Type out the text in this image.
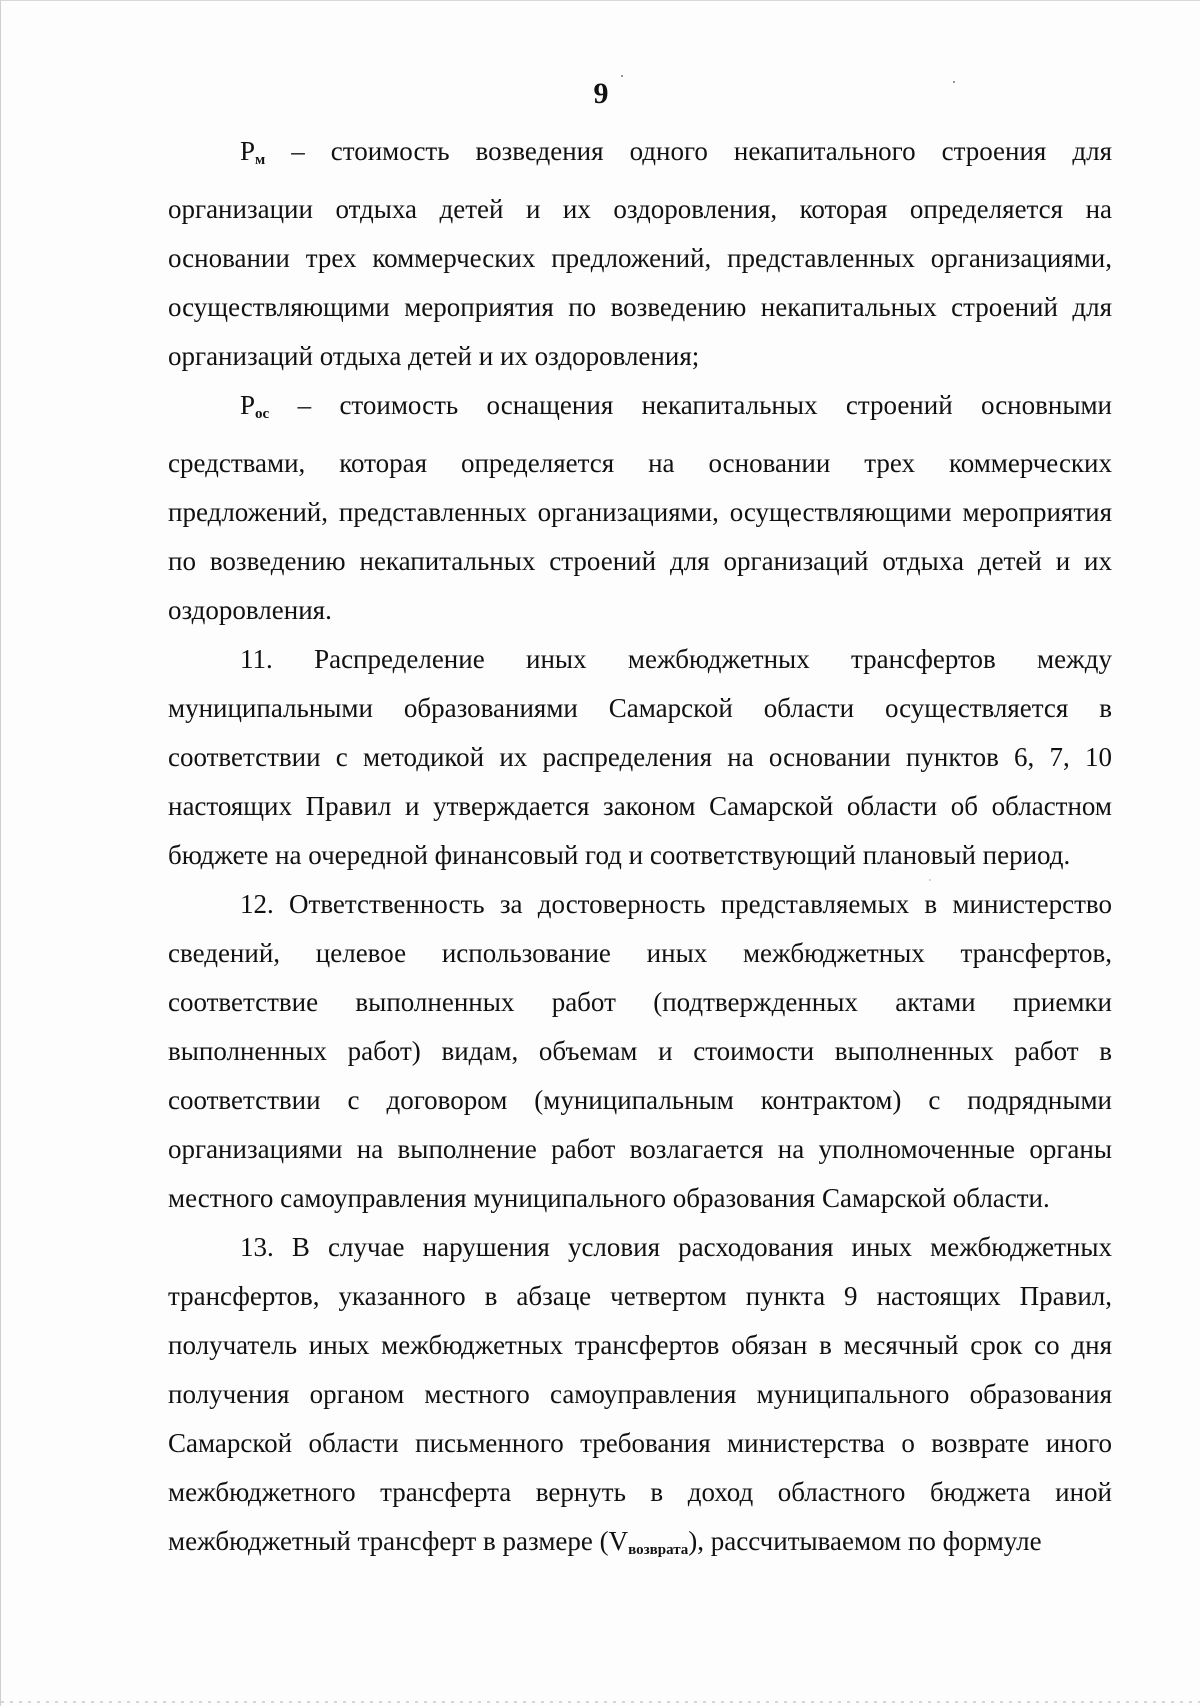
9

$P_м$ – стоимость возведения одного некапитального строения для организации отдыха детей и их оздоровления, которая определяется на основании трех коммерческих предложений, представленных организациями, осуществляющими мероприятия по возведению некапитальных строений для организаций отдыха детей и их оздоровления;

$P_{ос}$ – стоимость оснащения некапитальных строений основными средствами, которая определяется на основании трех коммерческих предложений, представленных организациями, осуществляющими мероприятия по возведению некапитальных строений для организаций отдыха детей и их оздоровления.

11. Распределение иных межбюджетных трансфертов между муниципальными образованиями Самарской области осуществляется в соответствии с методикой их распределения на основании пунктов 6, 7, 10 настоящих Правил и утверждается законом Самарской области об областном бюджете на очередной финансовый год и соответствующий плановый период.

12. Ответственность за достоверность представляемых в министерство сведений, целевое использование иных межбюджетных трансфертов, соответствие выполненных работ (подтвержденных актами приемки выполненных работ) видам, объемам и стоимости выполненных работ в соответствии с договором (муниципальным контрактом) с подрядными организациями на выполнение работ возлагается на уполномоченные органы местного самоуправления муниципального образования Самарской области.

13. В случае нарушения условия расходования иных межбюджетных трансфертов, указанного в абзаце четвертом пункта 9 настоящих Правил, получатель иных межбюджетных трансфертов обязан в месячный срок со дня получения органом местного самоуправления муниципального образования Самарской области письменного требования министерства о возврате иного межбюджетного трансферта вернуть в доход областного бюджета иной межбюджетный трансферт в размере $(V_{возврата})$, рассчитываемом по формуле
